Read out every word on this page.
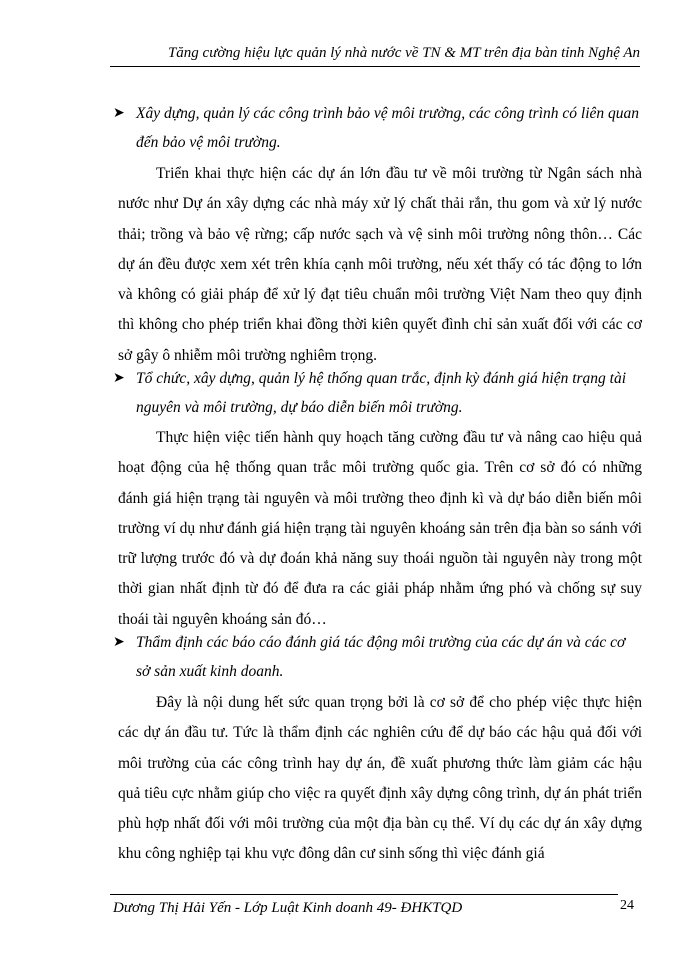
Tăng cường hiệu lực quản lý nhà nước về TN & MT trên địa bàn tỉnh Nghệ An
➤ Xây dựng, quản lý các công trình bảo vệ môi trường, các công trình có liên quan đến bảo vệ môi trường.
Triển khai thực hiện các dự án lớn đầu tư về môi trường từ Ngân sách nhà nước như Dự án xây dựng các nhà máy xử lý chất thải rắn, thu gom và xử lý nước thải; trồng và bảo vệ rừng; cấp nước sạch và vệ sinh môi trường nông thôn… Các dự án đều được xem xét trên khía cạnh môi trường, nếu xét thấy có tác động to lớn và không có giải pháp để xử lý đạt tiêu chuẩn môi trường Việt Nam theo quy định thì không cho phép triển khai đồng thời kiên quyết đình chỉ sản xuất đối với các cơ sở gây ô nhiễm môi trường nghiêm trọng.
➤ Tổ chức, xây dựng, quản lý hệ thống quan trắc, định kỳ đánh giá hiện trạng tài nguyên và môi trường, dự báo diễn biến môi trường.
Thực hiện việc tiến hành quy hoạch tăng cường đầu tư và nâng cao hiệu quả hoạt động của hệ thống quan trắc môi trường quốc gia. Trên cơ sở đó có những đánh giá hiện trạng tài nguyên và môi trường theo định kì và dự báo diễn biến môi trường ví dụ như đánh giá hiện trạng tài nguyên khoáng sản trên địa bàn so sánh với trữ lượng trước đó và dự đoán khả năng suy thoái nguồn tài nguyên này trong một thời gian nhất định từ đó để đưa ra các giải pháp nhằm ứng phó và chống sự suy thoái tài nguyên khoáng sản đó…
➤ Thẩm định các báo cáo đánh giá tác động môi trường của các dự án và các cơ sở sản xuất kinh doanh.
Đây là nội dung hết sức quan trọng bởi là cơ sở để cho phép việc thực hiện các dự án đầu tư. Tức là thẩm định các nghiên cứu để dự báo các hậu quả đối với môi trường của các công trình hay dự án, đề xuất phương thức làm giảm các hậu quả tiêu cực nhằm giúp cho việc ra quyết định xây dựng công trình, dự án phát triển phù hợp nhất đối với môi trường của một địa bàn cụ thể. Ví dụ các dự án xây dựng khu công nghiệp tại khu vực đông dân cư sinh sống thì việc đánh giá
Dương Thị Hải Yến - Lớp Luật Kinh doanh 49- ĐHKTQD	24
